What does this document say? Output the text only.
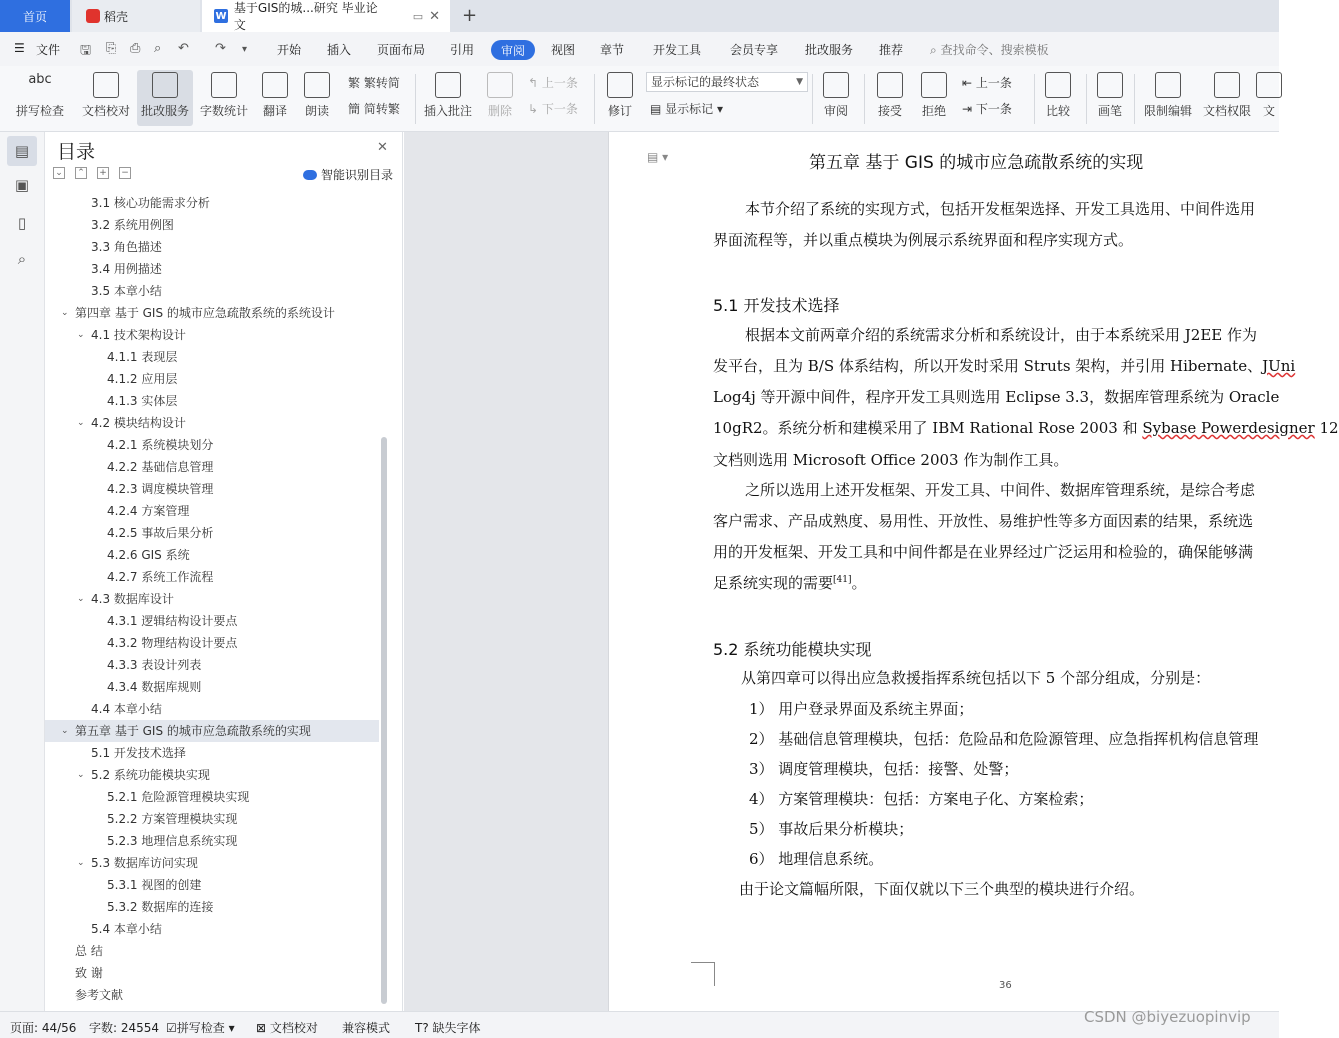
首页	稻壳	W
基于GIS的城...研究 毕业论文
▭ ✕ +
☰ 文件 🖫 ⎘ ⎙ ⌕ ↶ ↷ ▾ 开始 插入 页面布局 引用	审阅	视图 章节 开发工具 会员专享 批改服务 推荐 ⌕ 查找命令、搜索模板
abc
拼写检查 文档校对 批改服务 字数统计 翻译 朗读
繁 繁转简
簡 简转繁 插入批注 删除
↰ 上一条
↳ 下一条	修订 ▤ 显示标记 ▾	审阅 接受 拒绝
⇤ 上一条
⇥ 下一条	比较 画笔 限制编辑 文档权限 文
显示标记的最终状态	▼
▤
▣
▯
⌕
目录	✕
⌄ ⌃ + −	智能识别目录
3.1 核心功能需求分析
3.2 系统用例图
3.3 角色描述
3.4 用例描述
3.5 本章小结
⌄ 第四章 基于 GIS 的城市应急疏散系统的系统设计
⌄ 4.1 技术架构设计
4.1.1 表现层
4.1.2 应用层
4.1.3 实体层
⌄ 4.2 模块结构设计
4.2.1 系统模块划分
4.2.2 基础信息管理
4.2.3 调度模块管理
4.2.4 方案管理
4.2.5 事故后果分析
4.2.6 GIS 系统
4.2.7 系统工作流程
⌄ 4.3 数据库设计
4.3.1 逻辑结构设计要点
4.3.2 物理结构设计要点
4.3.3 表设计列表
4.3.4 数据库规则
4.4 本章小结
⌄ 第五章 基于 GIS 的城市应急疏散系统的实现
5.1 开发技术选择
⌄ 5.2 系统功能模块实现
5.2.1 危险源管理模块实现
5.2.2 方案管理模块实现
5.2.3 地理信息系统实现
⌄ 5.3 数据库访问实现
5.3.1 视图的创建
5.3.2 数据库的连接
5.4 本章小结
总 结
致 谢
参考文献
▤ ▾	第五章 基于 GIS 的城市应急疏散系统的实现
本节介绍了系统的实现方式，包括开发框架选择、开发工具选用、中间件选用
界面流程等，并以重点模块为例展示系统界面和程序实现方式。
5.1 开发技术选择
根据本文前两章介绍的系统需求分析和系统设计，由于本系统采用 J2EE 作为
发平台，且为 B/S 体系结构，所以开发时采用 Struts 架构，并引用 Hibernate、JUni
Log4j 等开源中间件，程序开发工具则选用 Eclipse 3.3，数据库管理系统为 Oracle
10gR2。系统分析和建模采用了 IBM Rational Rose 2003 和 Sybase Powerdesigner 12
文档则选用 Microsoft Office 2003 作为制作工具。
之所以选用上述开发框架、开发工具、中间件、数据库管理系统，是综合考虑
客户需求、产品成熟度、易用性、开放性、易维护性等多方面因素的结果，系统选
用的开发框架、开发工具和中间件都是在业界经过广泛运用和检验的，确保能够满
足系统实现的需要[41]。
5.2 系统功能模块实现
从第四章可以得出应急救援指挥系统包括以下 5 个部分组成，分别是：
1） 用户登录界面及系统主界面；
2） 基础信息管理模块，包括：危险品和危险源管理、应急指挥机构信息管理
3） 调度管理模块，包括：接警、处警；
4） 方案管理模块：包括：方案电子化、方案检索；
5） 事故后果分析模块；
6） 地理信息系统。
由于论文篇幅所限，下面仅就以下三个典型的模块进行介绍。
36
页面: 44/56 字数: 24554 ☑拼写检查 ▾ ⊠ 文档校对 兼容模式 T? 缺失字体
CSDN @biyezuopinvip
